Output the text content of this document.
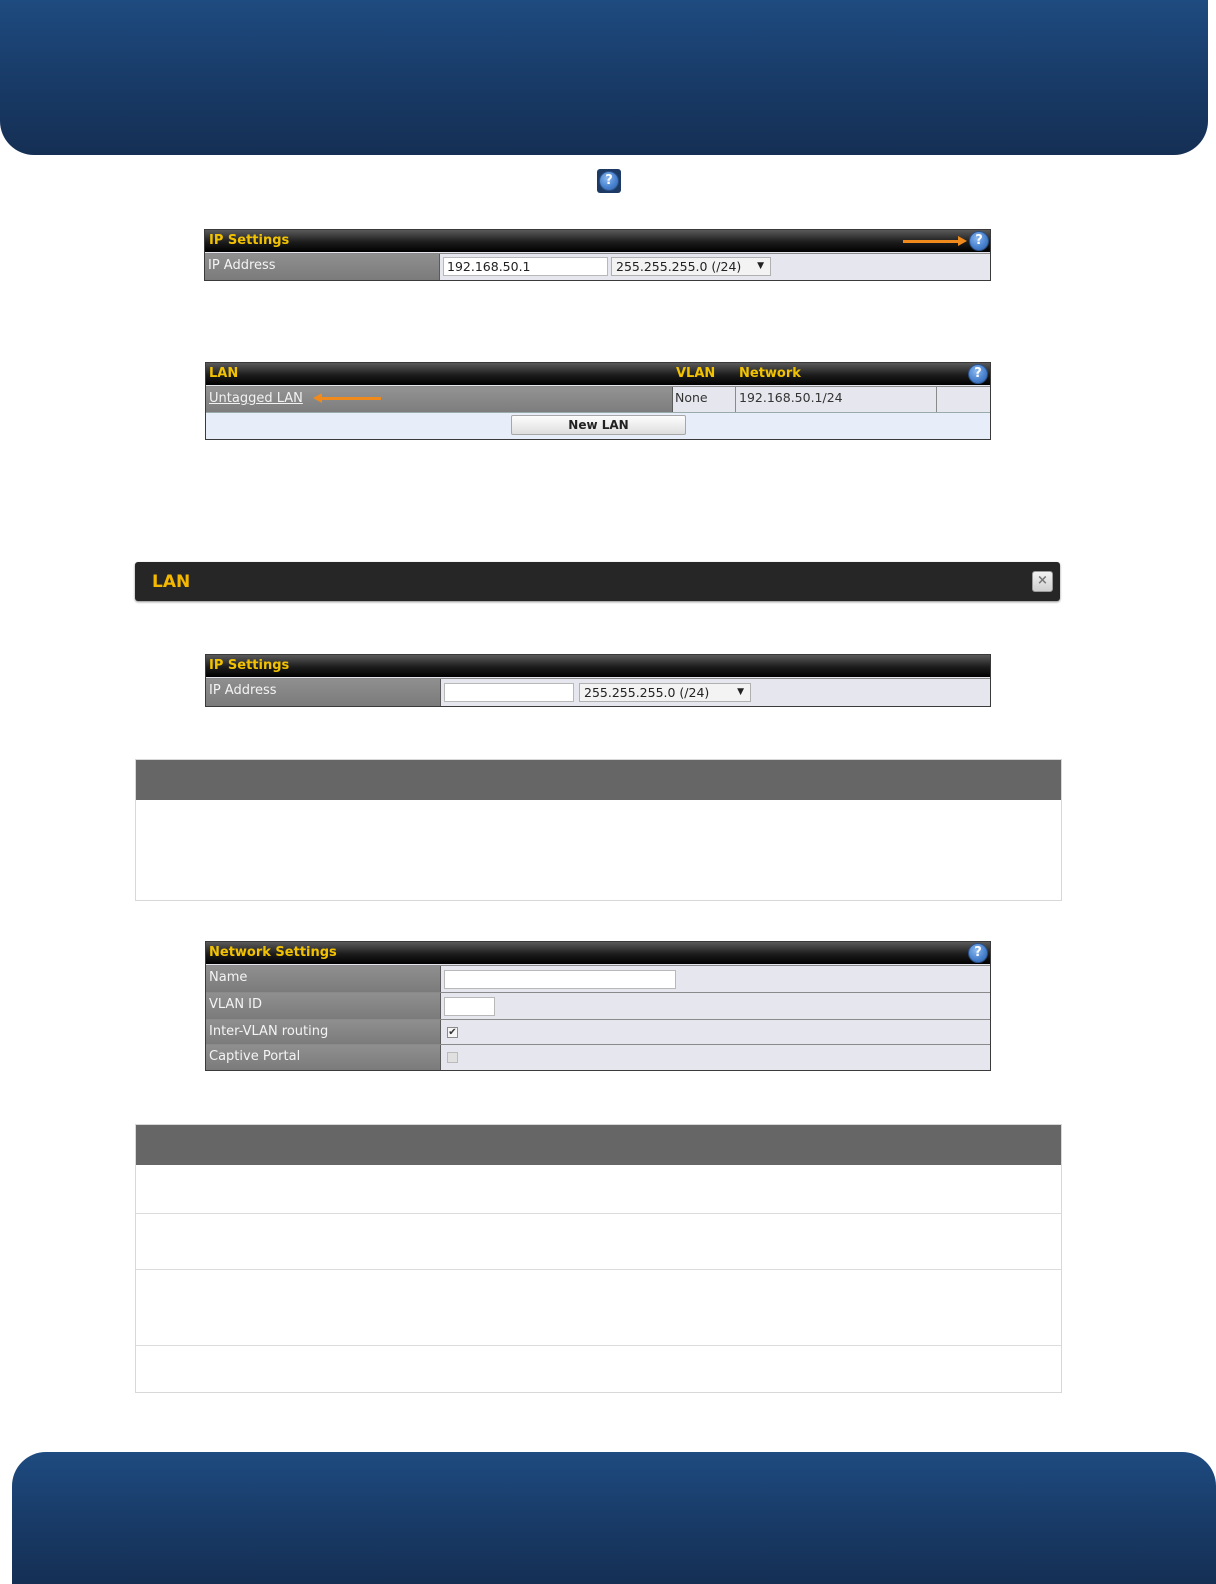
?
IP Settings
?
IP Address	192.168.50.1	255.255.255.0 (/24) ▼
LAN	VLAN Network
?
Untagged LAN	None	192.168.50.1/24
New LAN
LAN	×
IP Settings
IP Address	255.255.255.0 (/24)	▼
Network Settings
?
Name
VLAN ID
Inter-VLAN routing	✔
Captive Portal
